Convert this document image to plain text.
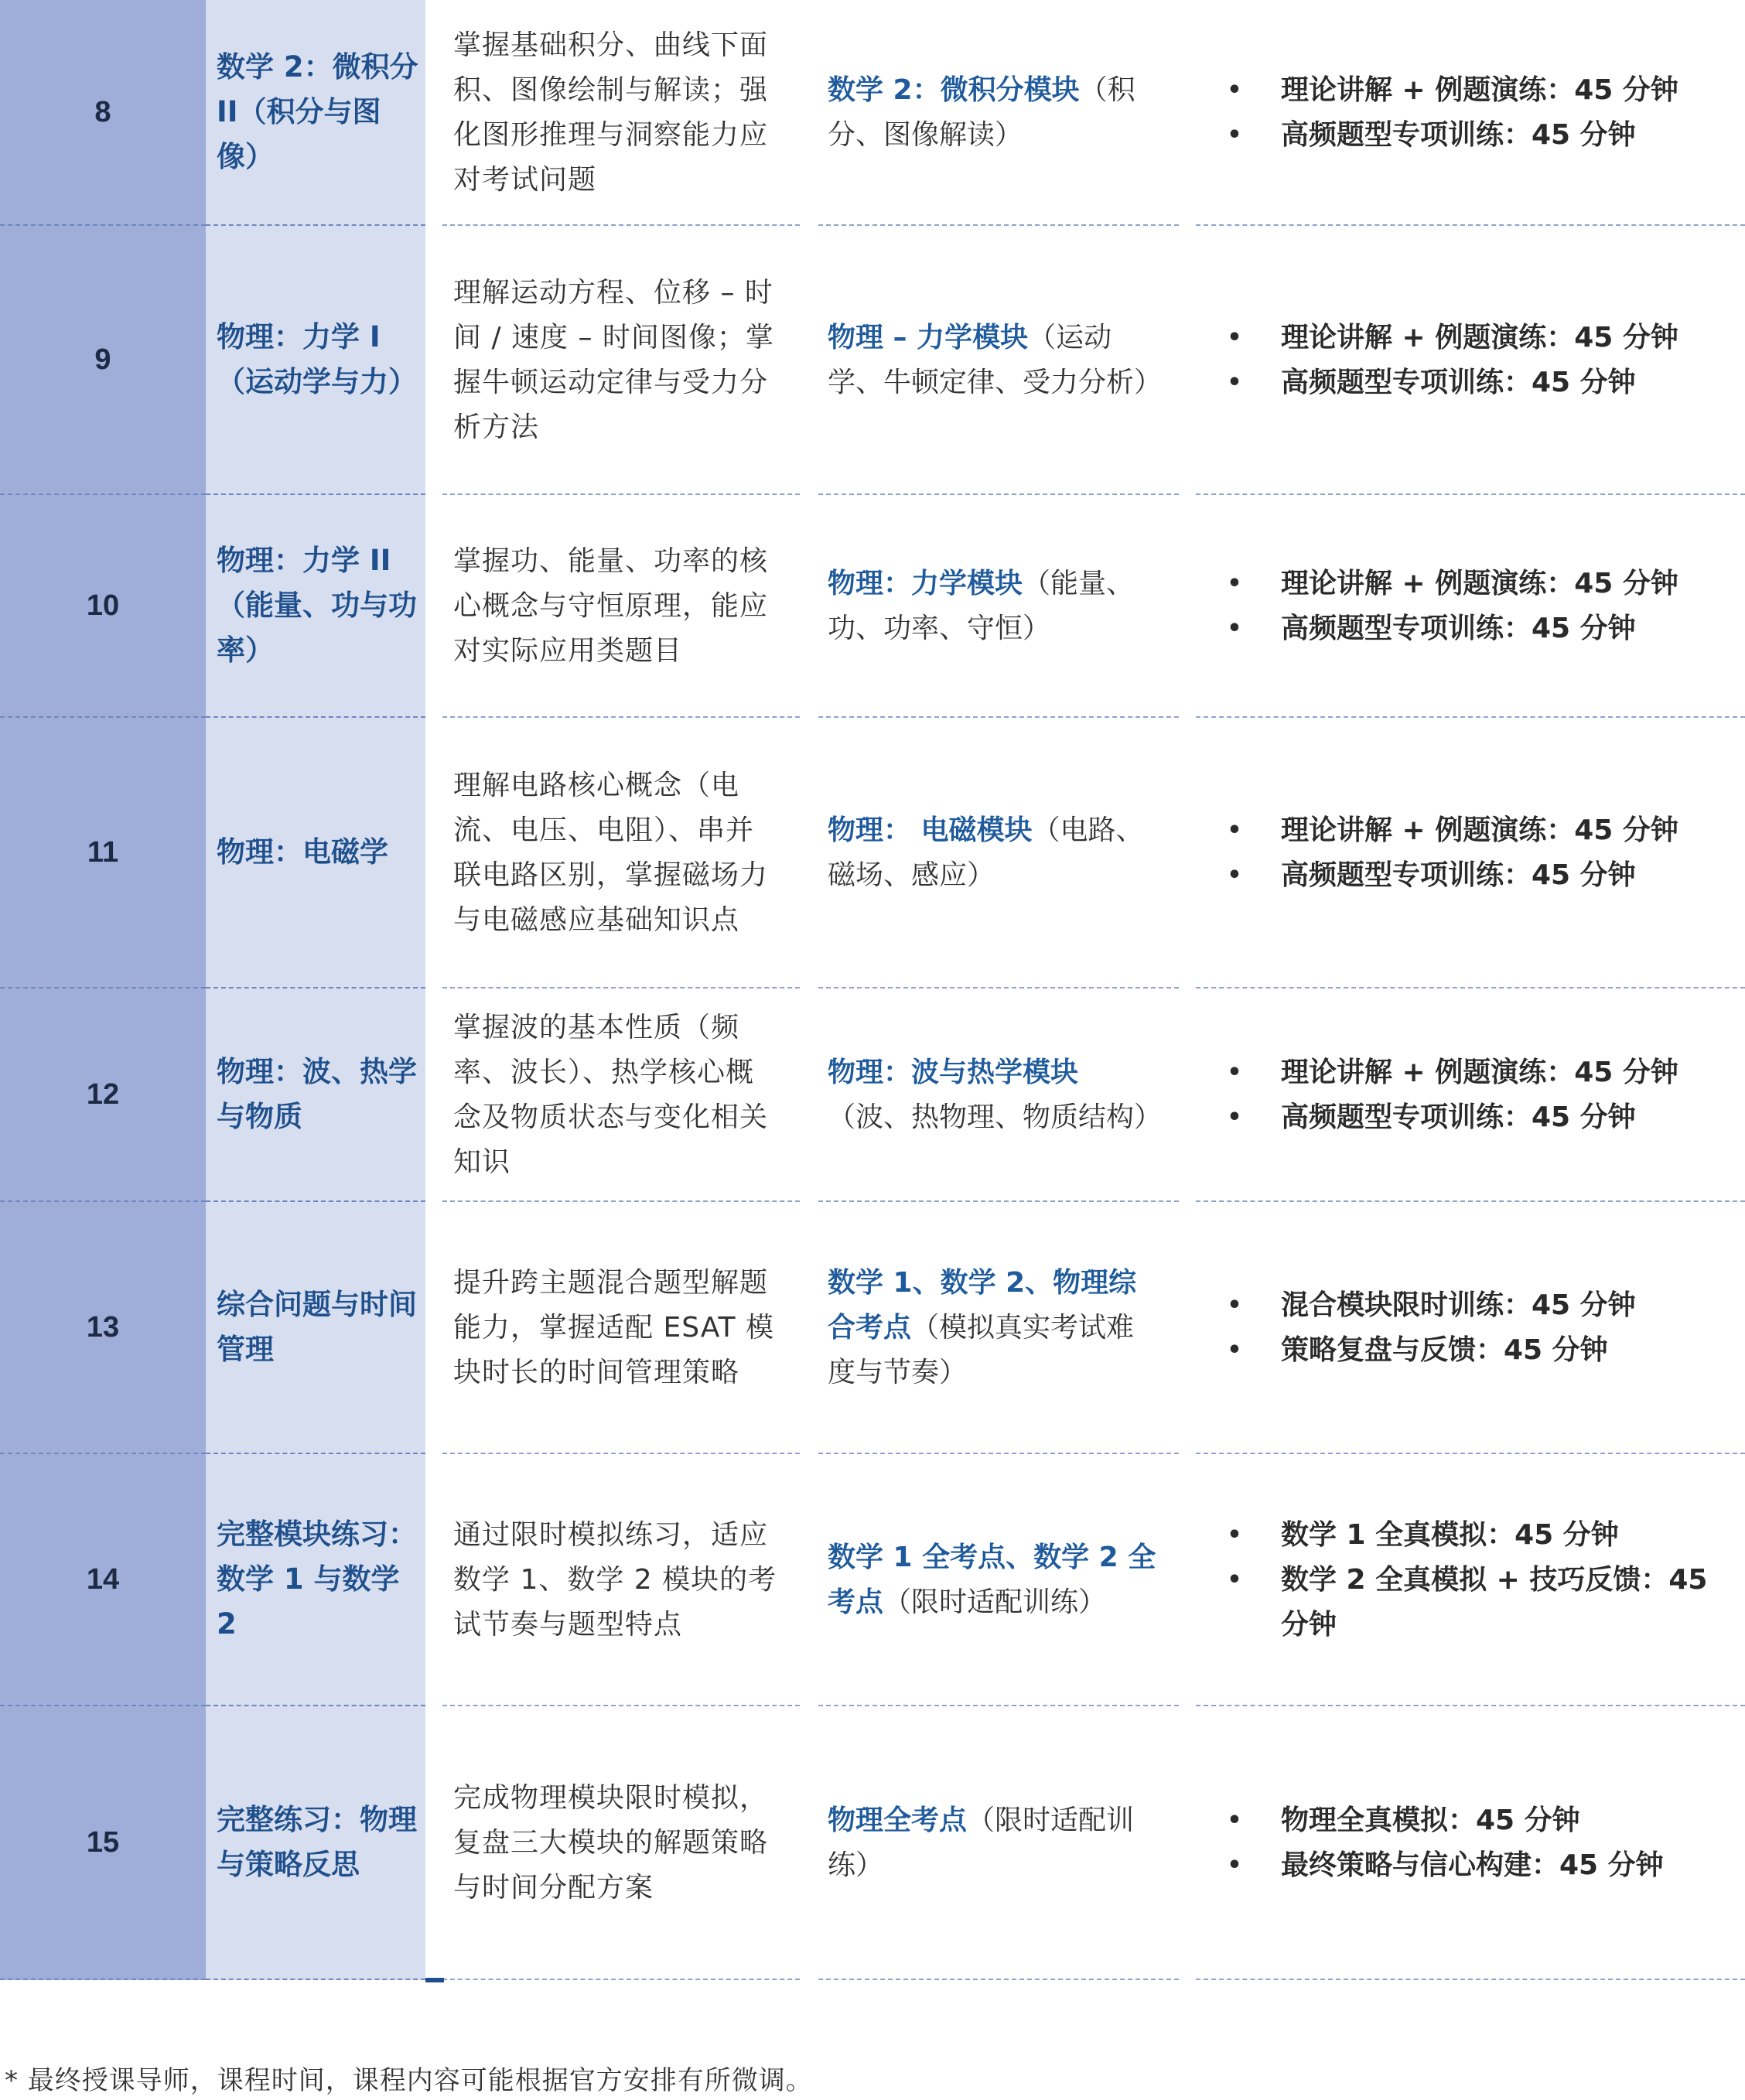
8
数学 2：微积分 II（积分与图像）
掌握基础积分、曲线下面积、图像绘制与解读；强化图形推理与洞察能力应对考试问题
数学 2：微积分模块（积分、图像解读）
• 理论讲解 + 例题演练：45 分钟
• 高频题型专项训练：45 分钟
9
物理：力学 I（运动学与力）
理解运动方程、位移 – 时间 / 速度 – 时间图像；掌握牛顿运动定律与受力分析方法
物理 – 力学模块（运动学、牛顿定律、受力分析）
• 理论讲解 + 例题演练：45 分钟
• 高频题型专项训练：45 分钟
10
物理：力学 II（能量、功与功率）
掌握功、能量、功率的核心概念与守恒原理，能应对实际应用类题目
物理：力学模块（能量、功、功率、守恒）
• 理论讲解 + 例题演练：45 分钟
• 高频题型专项训练：45 分钟
11	物理：电磁学
理解电路核心概念（电流、电压、电阻）、串并联电路区别，掌握磁场力与电磁感应基础知识点
物理： 电磁模块（电路、磁场、感应）
• 理论讲解 + 例题演练：45 分钟
• 高频题型专项训练：45 分钟
12
物理：波、热学与物质
掌握波的基本性质（频率、波长）、热学核心概念及物质状态与变化相关知识
物理：波与热学模块（波、热物理、物质结构）
• 理论讲解 + 例题演练：45 分钟
• 高频题型专项训练：45 分钟
13
综合问题与时间管理
提升跨主题混合题型解题能力，掌握适配 ESAT 模块时长的时间管理策略
数学 1、数学 2、物理综合考点（模拟真实考试难度与节奏）
• 混合模块限时训练：45 分钟
• 策略复盘与反馈：45 分钟
14
完整模块练习：数学 1 与数学 2
通过限时模拟练习，适应数学 1、数学 2 模块的考试节奏与题型特点
数学 1 全考点、数学 2 全考点（限时适配训练）
• 数学 1 全真模拟：45 分钟
• 数学 2 全真模拟 + 技巧反馈：45 分钟
15
完整练习：物理与策略反思
完成物理模块限时模拟，复盘三大模块的解题策略与时间分配方案
物理全考点（限时适配训练）
• 物理全真模拟：45 分钟
• 最终策略与信心构建：45 分钟
* 最终授课导师，课程时间，课程内容可能根据官方安排有所微调。
